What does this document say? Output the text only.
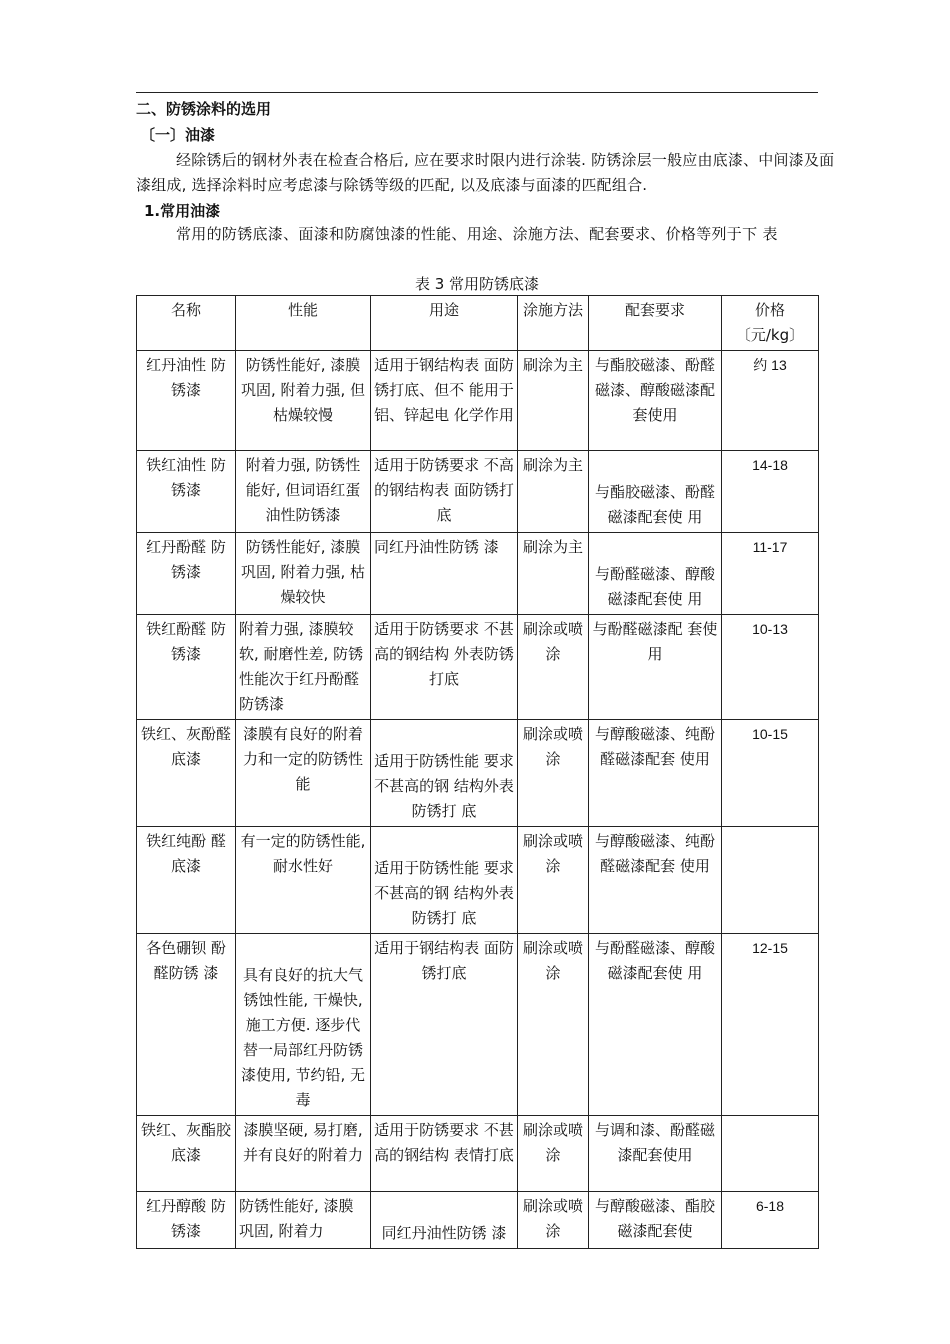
二、防锈涂料的选用
〔一〕油漆
经除锈后的钢材外表在检查合格后, 应在要求时限内进行涂装. 防锈涂层一般应由底漆、中间漆及面漆组成, 选择涂料时应考虑漆与除锈等级的匹配, 以及底漆与面漆的匹配组合.
1.常用油漆
常用的防锈底漆、面漆和防腐蚀漆的性能、用途、涂施方法、配套要求、价格等列于下 表
表 3 常用防锈底漆
名称	性能	用途	涂施方法	配套要求	价格〔元/kg〕
红丹油性 防锈漆	防锈性能好, 漆膜巩固, 附着力强, 但枯燥较慢	适用于钢结构表 面防锈打底、但不 能用于铝、锌起电 化学作用	刷涂为主	与酯胶磁漆、酚醛磁漆、醇酸磁漆配套使用	约 13
铁红油性 防锈漆	附着力强, 防锈性能好, 但词语红蛋油性防锈漆	适用于防锈要求 不高的钢结构表 面防锈打底	刷涂为主	与酯胶磁漆、酚醛磁漆配套使 用	14-18
红丹酚醛 防锈漆	防锈性能好, 漆膜巩固, 附着力强, 枯燥较快	同红丹油性防锈 漆	刷涂为主	与酚醛磁漆、醇酸磁漆配套使 用	11-17
铁红酚醛 防锈漆	附着力强, 漆膜较软, 耐磨性差, 防锈性能次于红丹酚醛防锈漆	适用于防锈要求 不甚高的钢结构 外表防锈打底	刷涂或喷涂	与酚醛磁漆配 套使用	10-13
铁红、灰酚醛底漆	漆膜有良好的附着力和一定的防锈性能	适用于防锈性能 要求不甚高的钢 结构外表防锈打 底	刷涂或喷涂	与醇酸磁漆、纯酚醛磁漆配套 使用	10-15
铁红纯酚 醛底漆	有一定的防锈性能, 耐水性好	适用于防锈性能 要求不甚高的钢 结构外表防锈打 底	刷涂或喷涂	与醇酸磁漆、纯酚醛磁漆配套 使用	
各色硼钡 酚醛防锈 漆	具有良好的抗大气锈蚀性能, 干燥快, 施工方便. 逐步代替一局部红丹防锈漆使用, 节约铅, 无 毒	适用于钢结构表 面防锈打底	刷涂或喷涂	与酚醛磁漆、醇酸磁漆配套使 用	12-15
铁红、灰酯胶底漆	漆膜坚硬, 易打磨, 并有良好的附着力	适用于防锈要求 不甚高的钢结构 表情打底	刷涂或喷涂	与调和漆、酚醛磁漆配套使用	
红丹醇酸 防锈漆	防锈性能好, 漆膜巩固, 附着力	同红丹油性防锈 漆	刷涂或喷涂	与醇酸磁漆、酯胶磁漆配套使	6-18
